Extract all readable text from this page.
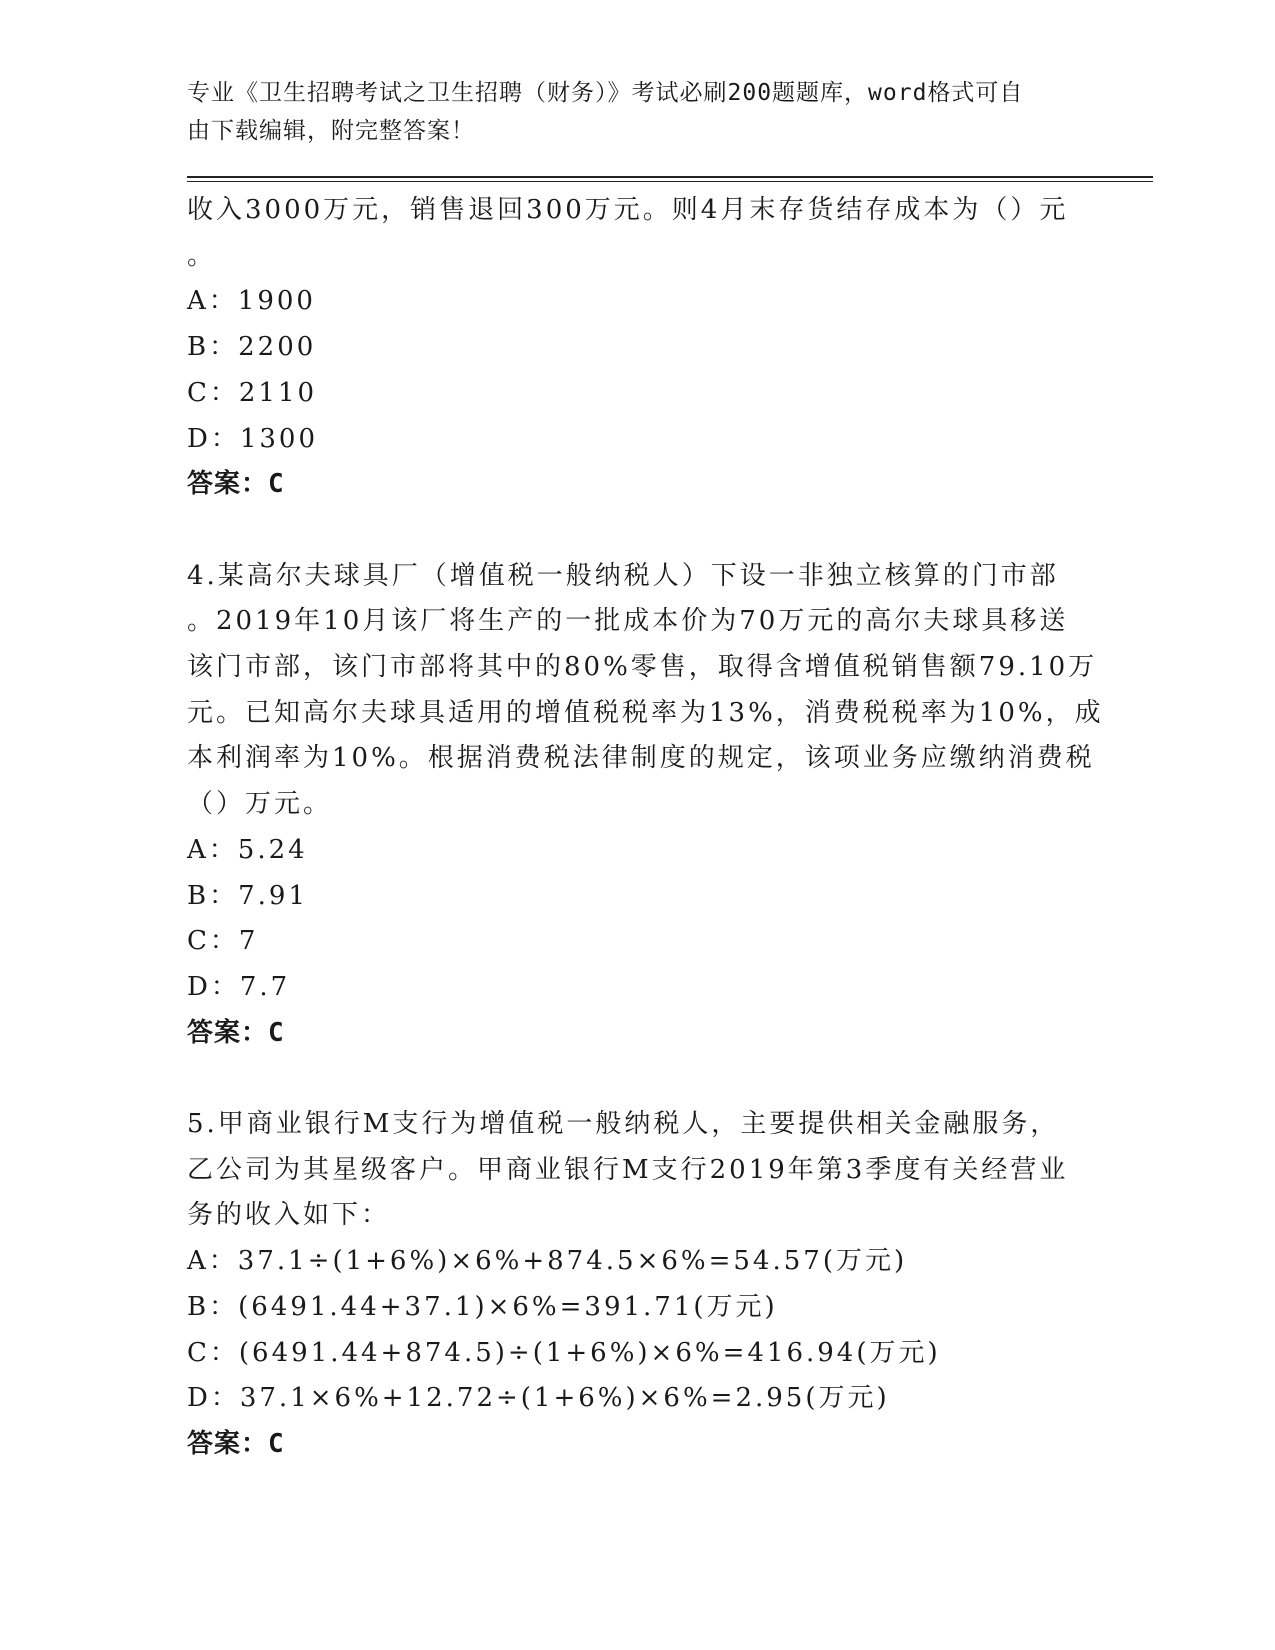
专业《卫生招聘考试之卫生招聘（财务）》考试必刷200题题库，word格式可自
由下载编辑，附完整答案！
收入3000万元，销售退回300万元。则4月末存货结存成本为（）元
。
A：1900
B：2200
C：2110
D：1300
答案：C
4.某高尔夫球具厂（增值税一般纳税人）下设一非独立核算的门市部
。2019年10月该厂将生产的一批成本价为70万元的高尔夫球具移送
该门市部，该门市部将其中的80%零售，取得含增值税销售额79.10万
元。已知高尔夫球具适用的增值税税率为13%，消费税税率为10%，成
本利润率为10%。根据消费税法律制度的规定，该项业务应缴纳消费税
（）万元。
A：5.24
B：7.91
C：7
D：7.7
答案：C
5.甲商业银行M支行为增值税一般纳税人，主要提供相关金融服务，
乙公司为其星级客户。甲商业银行M支行2019年第3季度有关经营业
务的收入如下：
A：37.1÷(1+6%)×6%+874.5×6%=54.57(万元)
B：(6491.44+37.1)×6%=391.71(万元)
C：(6491.44+874.5)÷(1+6%)×6%=416.94(万元)
D：37.1×6%+12.72÷(1+6%)×6%=2.95(万元)
答案：C
